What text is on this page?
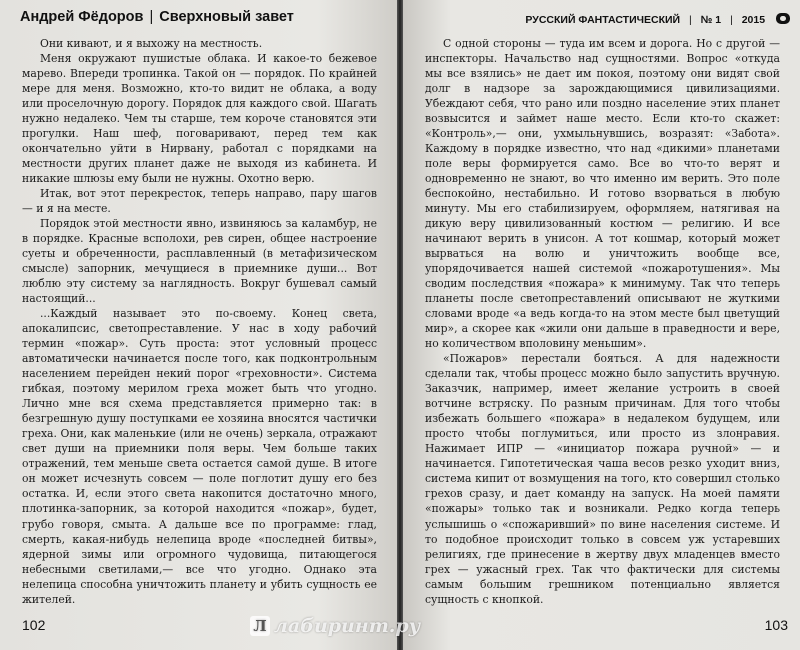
Андрей Фёдоров | Сверхновый завет

Они кивают, и я выхожу на местность.

Меня окружают пушистые облака. И какое-то бежевое марево. Впереди тропинка. Такой он — порядок. По крайней мере для меня. Возможно, кто-то видит не облака, а воду или проселочную дорогу. Порядок для каждого свой. Шагать нужно недалеко. Чем ты старше, тем короче становятся эти прогулки. Наш шеф, поговаривают, перед тем как окончательно уйти в Нирвану, работал с порядками на местности других планет даже не выходя из кабинета. И никакие шлюзы ему были не нужны. Охотно верю.

Итак, вот этот перекресток, теперь направо, пару шагов — и я на месте.

Порядок этой местности явно, извиняюсь за каламбур, не в порядке. Красные всполохи, рев сирен, общее настроение суеты и обреченности, расплавленный (в метафизическом смысле) запорник, мечущиеся в приемнике души... Вот люблю эту систему за наглядность. Вокруг бушевал самый настоящий...

...Каждый называет это по-своему. Конец света, апокалипсис, светопреставление. У нас в ходу рабочий термин «пожар». Суть проста: этот условный процесс автоматически начинается после того, как подконтрольным населением перейден некий порог «греховности». Система гибкая, поэтому мерилом греха может быть что угодно. Лично мне вся схема представляется примерно так: в безгрешную душу поступками ее хозяина вносятся частички греха. Они, как маленькие (или не очень) зеркала, отражают свет души на приемники поля веры. Чем больше таких отражений, тем меньше света остается самой душе. В итоге он может исчезнуть совсем — поле поглотит душу его без остатка. И, если этого света накопится достаточно много, плотинка-запорник, за которой находится «пожар», будет, грубо говоря, смыта. А дальше все по программе: глад, смерть, какая-нибудь нелепица вроде «последней битвы», ядерной зимы или огромного чудовища, питающегося небесными светилами,— все что угодно. Однако эта нелепица способна уничтожить планету и убить сущность ее жителей.

102
РУССКИЙ ФАНТАСТИЧЕСКИЙ | № 1 | 2015

С одной стороны — туда им всем и дорога. Но с другой — инспекторы. Начальство над сущностями. Вопрос «откуда мы все взялись» не дает им покоя, поэтому они видят свой долг в надзоре за зарождающимися цивилизациями. Убеждают себя, что рано или поздно население этих планет возвысится и займет наше место. Если кто-то скажет: «Контроль»,— они, ухмыльнувшись, возразят: «Забота». Каждому в порядке известно, что над «дикими» планетами поле веры формируется само. Все во что-то верят и одновременно не знают, во что именно им верить. Это поле беспокойно, нестабильно. И готово взорваться в любую минуту. Мы его стабилизируем, оформляем, натягивая на дикую веру цивилизованный костюм — религию. И все начинают верить в унисон. А тот кошмар, который может вырваться на волю и уничтожить вообще все, упорядочивается нашей системой «пожаротушения». Мы сводим последствия «пожара» к минимуму. Так что теперь планеты после светопреставлений описывают не жуткими словами вроде «а ведь когда-то на этом месте был цветущий мир», а скорее как «жили они дальше в праведности и вере, но количеством вполовину меньшим».

«Пожаров» перестали бояться. А для надежности сделали так, чтобы процесс можно было запустить вручную. Заказчик, например, имеет желание устроить в своей вотчине встряску. По разным причинам. Для того чтобы избежать большего «пожара» в недалеком будущем, или просто чтобы поглумиться, или просто из злонравия. Нажимает ИПР — «инициатор пожара ручной» — и начинается. Гипотетическая чаша весов резко уходит вниз, система кипит от возмущения на того, кто совершил столько грехов сразу, и дает команду на запуск. На моей памяти «пожары» только так и возникали. Редко когда теперь услышишь о «спожаривший» по вине населения системе. И то подобное происходит только в совсем уж устаревших религиях, где принесение в жертву двух младенцев вместо грех — ужасный грех. Так что фактически для системы самым большим грешником потенциально является сущность с кнопкой.

103
Л лабиринт.ру
